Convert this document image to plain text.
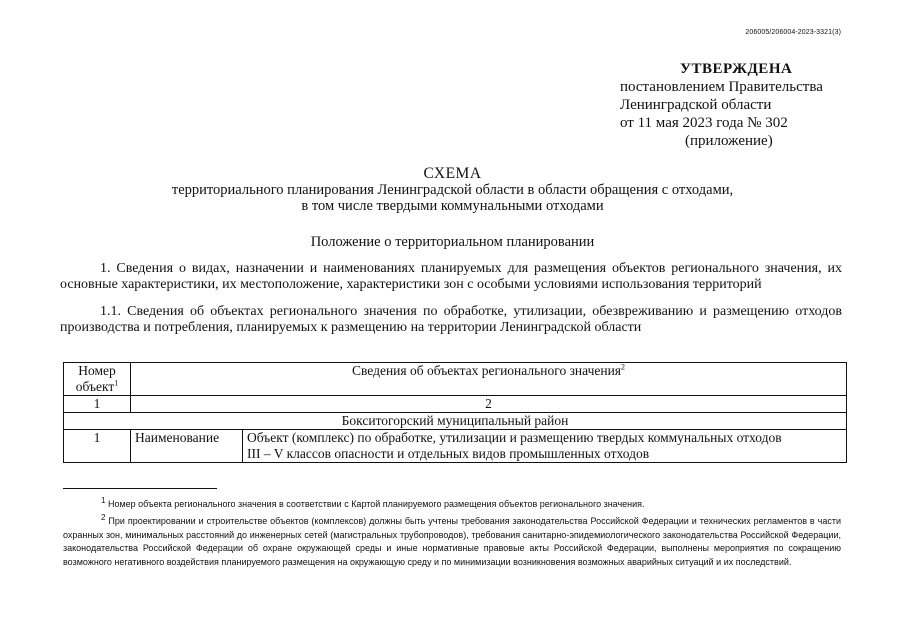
206005/206004-2023-3321(3)
УТВЕРЖДЕНА
постановлением Правительства
Ленинградской области
от 11 мая 2023 года № 302
(приложение)
СХЕМА
территориального планирования Ленинградской области в области обращения с отходами,
в том числе твердыми коммунальными отходами
Положение о территориальном планировании
1. Сведения о видах, назначении и наименованиях планируемых для размещения объектов регионального значения, их основные характеристики, их местоположение, характеристики зон с особыми условиями использования территорий
1.1. Сведения об объектах регионального значения по обработке, утилизации, обезвреживанию и размещению отходов производства и потребления, планируемых к размещению на территории Ленинградской области
Номер
объект$^1$	Сведения об объектах регионального значения$^2$
1	2	
Бокситогорский муниципальный район		
1	Наименование	Объект (комплекс) по обработке, утилизации и размещению твердых коммунальных отходов
III – V классов опасности и отдельных видов промышленных отходов
$^1$ Номер объекта регионального значения в соответствии с Картой планируемого размещения объектов регионального значения.
$^2$ При проектировании и строительстве объектов (комплексов) должны быть учтены требования законодательства Российской Федерации и технических регламентов в части охранных зон, минимальных расстояний до инженерных сетей (магистральных трубопроводов), требования санитарно-эпидемиологического законодательства Российской Федерации, законодательства Российской Федерации об охране окружающей среды и иные нормативные правовые акты Российской Федерации, выполнены мероприятия по сокращению возможного негативного воздействия планируемого размещения на окружающую среду и по минимизации возникновения возможных аварийных ситуаций и их последствий.
